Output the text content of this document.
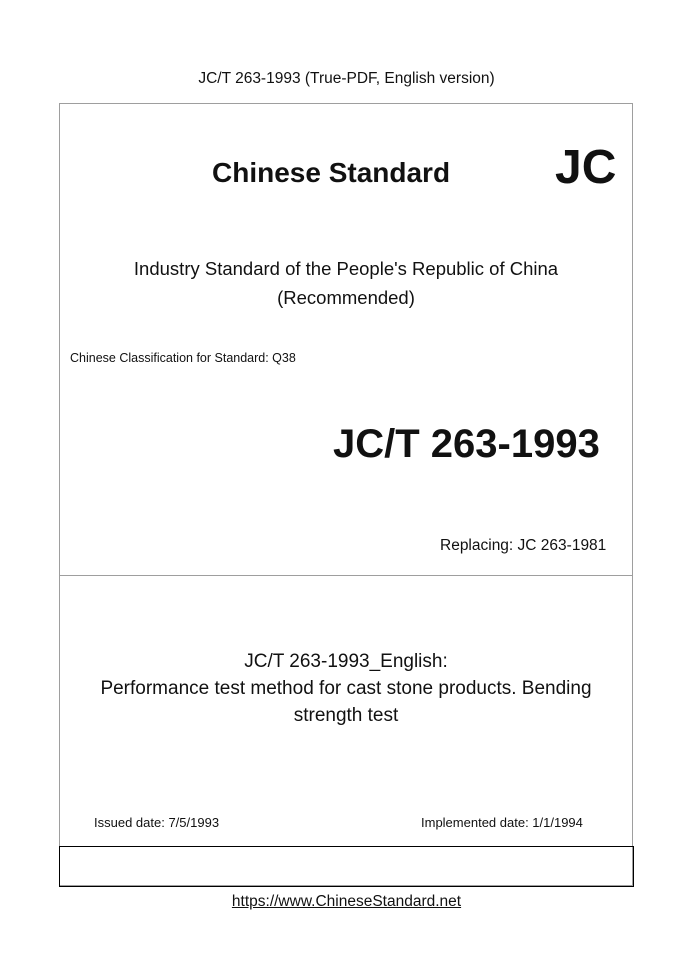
JC/T 263-1993 (True-PDF, English version)
Chinese Standard JC
Industry Standard of the People's Republic of China
(Recommended)
Chinese Classification for Standard: Q38
JC/T 263-1993
Replacing: JC 263-1981
JC/T 263-1993_English:
Performance test method for cast stone products. Bending
strength test
Issued date: 7/5/1993	Implemented date: 1/1/1994
https://www.ChineseStandard.net
